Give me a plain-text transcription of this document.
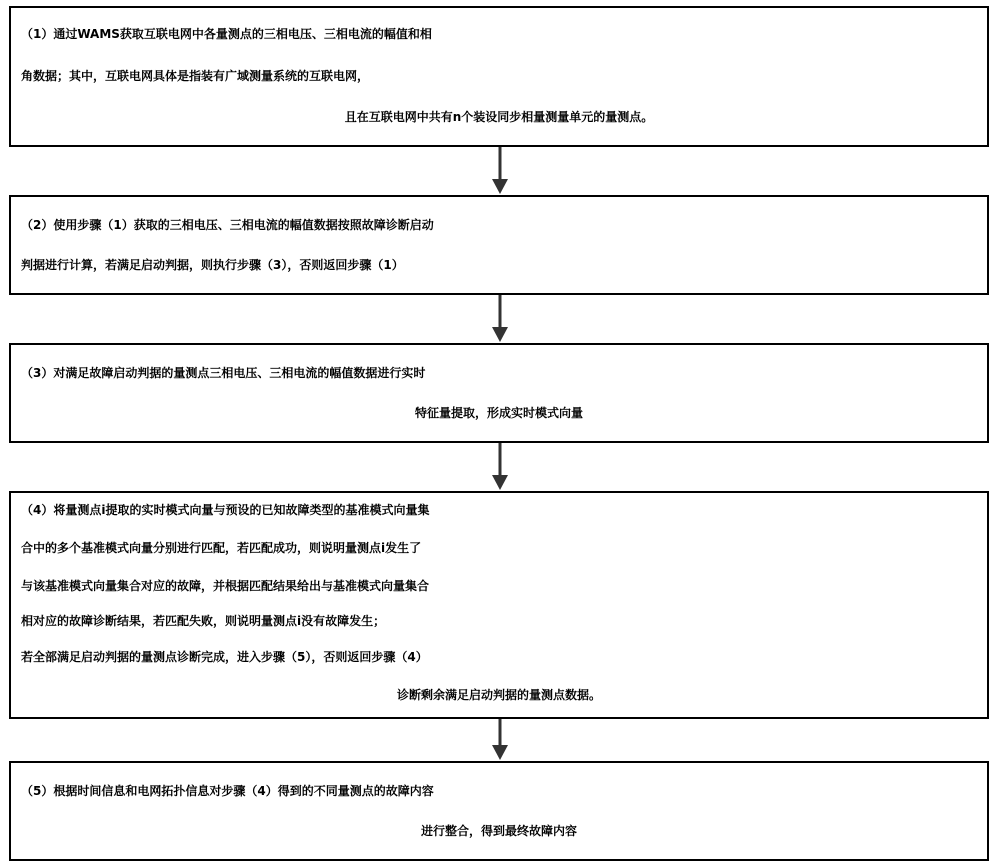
（1）通过WAMS获取互联电网中各量测点的三相电压、三相电流的幅值和相
角数据；其中，互联电网具体是指装有广域测量系统的互联电网，
且在互联电网中共有n个装设同步相量测量单元的量测点。
（2）使用步骤（1）获取的三相电压、三相电流的幅值数据按照故障诊断启动
判据进行计算，若满足启动判据，则执行步骤（3），否则返回步骤（1）
（3）对满足故障启动判据的量测点三相电压、三相电流的幅值数据进行实时
特征量提取，形成实时模式向量
（4）将量测点i提取的实时模式向量与预设的已知故障类型的基准模式向量集
合中的多个基准模式向量分别进行匹配，若匹配成功，则说明量测点i发生了
与该基准模式向量集合对应的故障，并根据匹配结果给出与基准模式向量集合
相对应的故障诊断结果，若匹配失败，则说明量测点i没有故障发生；
若全部满足启动判据的量测点诊断完成，进入步骤（5），否则返回步骤（4）
诊断剩余满足启动判据的量测点数据。
（5）根据时间信息和电网拓扑信息对步骤（4）得到的不同量测点的故障内容
进行整合，得到最终故障内容
